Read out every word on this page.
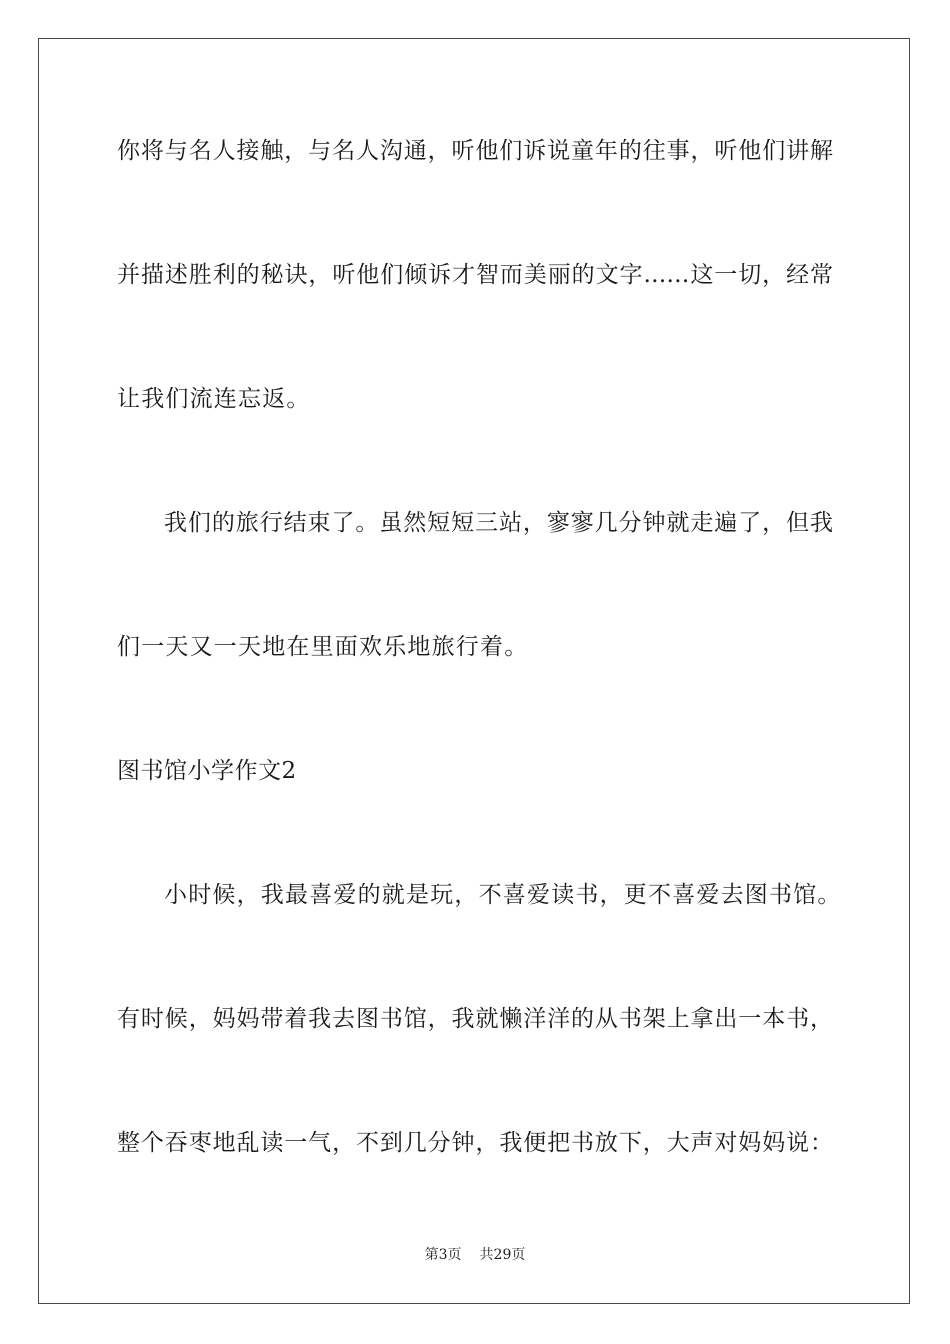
你将与名人接触，与名人沟通，听他们诉说童年的往事，听他们讲解
并描述胜利的秘诀，听他们倾诉才智而美丽的文字……这一切，经常
让我们流连忘返。
我们的旅行结束了。虽然短短三站，寥寥几分钟就走遍了，但我
们一天又一天地在里面欢乐地旅行着。
图书馆小学作文2
小时候，我最喜爱的就是玩，不喜爱读书，更不喜爱去图书馆。
有时候，妈妈带着我去图书馆，我就懒洋洋的从书架上拿出一本书，
整个吞枣地乱读一气，不到几分钟，我便把书放下，大声对妈妈说：
第3页 共29页
